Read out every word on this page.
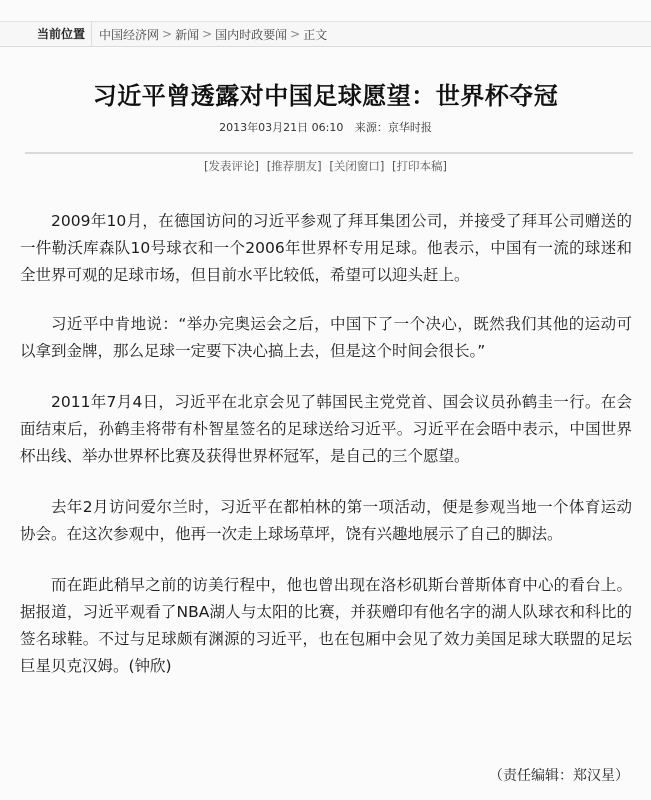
当前位置	中国经济网 > 新闻 > 国内时政要闻 > 正文
习近平曾透露对中国足球愿望：世界杯夺冠
2013年03月21日 06:10 来源：京华时报
[发表评论] [推荐朋友] [关闭窗口] [打印本稿]

2009年10月，在德国访问的习近平参观了拜耳集团公司，并接受了拜耳公司赠送的一件勒沃库森队10号球衣和一个2006年世界杯专用足球。他表示，中国有一流的球迷和全世界可观的足球市场，但目前水平比较低，希望可以迎头赶上。

习近平中肯地说：“举办完奥运会之后，中国下了一个决心，既然我们其他的运动可以拿到金牌，那么足球一定要下决心搞上去，但是这个时间会很长。”

2011年7月4日，习近平在北京会见了韩国民主党党首、国会议员孙鹤圭一行。在会面结束后，孙鹤圭将带有朴智星签名的足球送给习近平。习近平在会晤中表示，中国世界杯出线、举办世界杯比赛及获得世界杯冠军，是自己的三个愿望。

去年2月访问爱尔兰时，习近平在都柏林的第一项活动，便是参观当地一个体育运动协会。在这次参观中，他再一次走上球场草坪，饶有兴趣地展示了自己的脚法。

而在距此稍早之前的访美行程中，他也曾出现在洛杉矶斯台普斯体育中心的看台上。据报道，习近平观看了NBA湖人与太阳的比赛，并获赠印有他名字的湖人队球衣和科比的签名球鞋。不过与足球颇有渊源的习近平，也在包厢中会见了效力美国足球大联盟的足坛巨星贝克汉姆。(钟欣)

（责任编辑：郑汉星）
